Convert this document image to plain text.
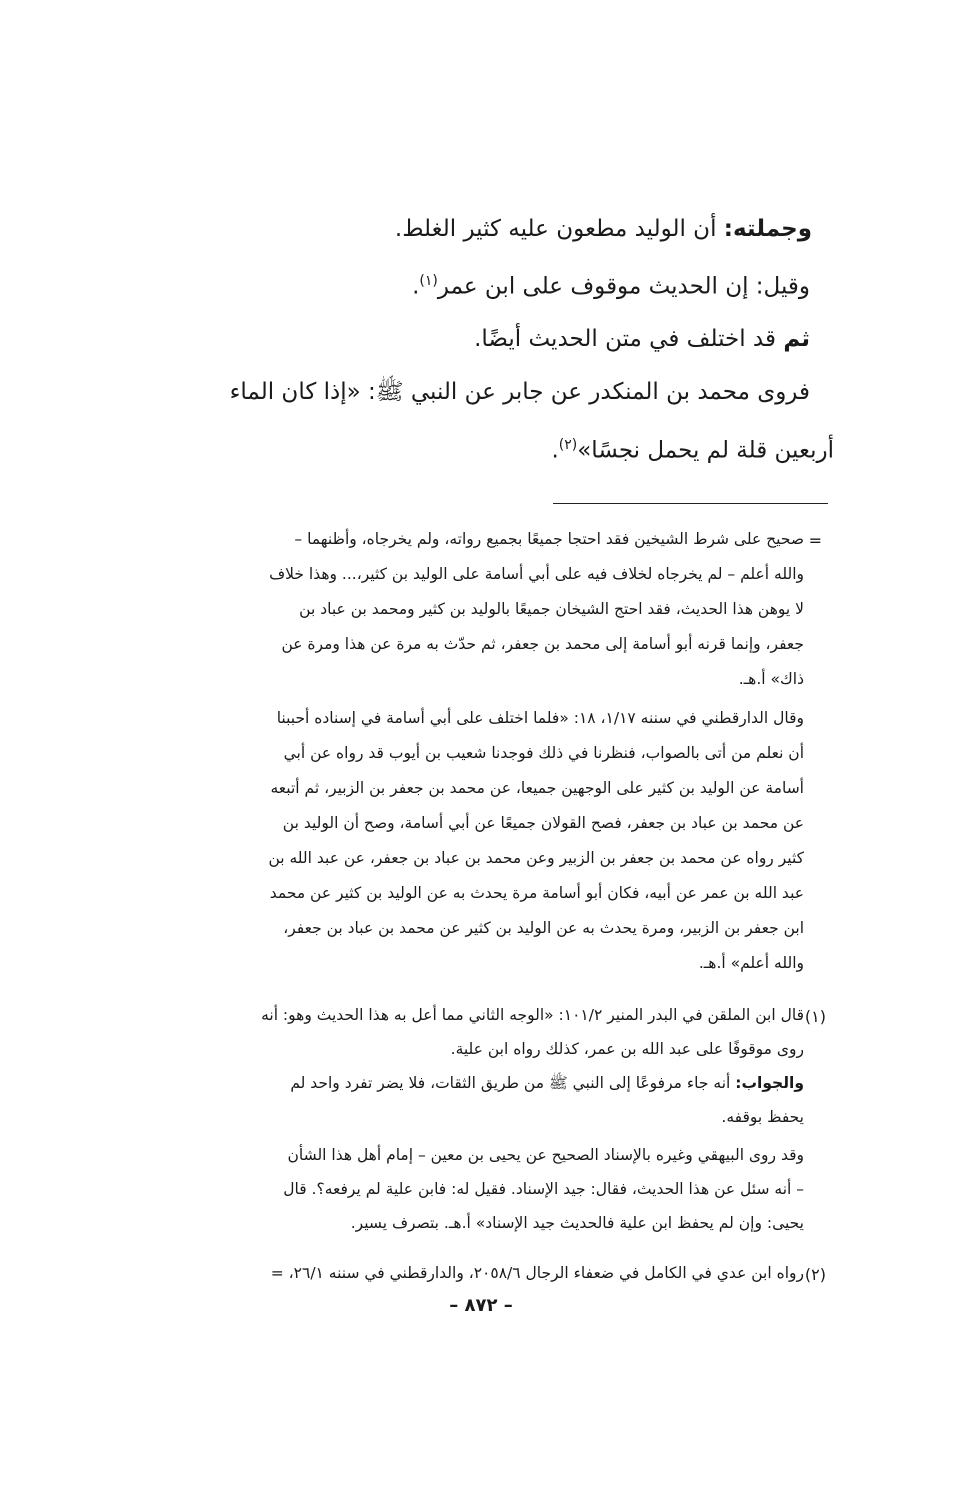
وجملته: أن الوليد مطعون عليه كثير الغلط.
وقيل: إن الحديث موقوف على ابن عمر$^{(١)}$.
ثم قد اختلف في متن الحديث أيضًا.
فروى محمد بن المنكدر عن جابر عن النبي ﷺ: «إذا كان الماء
أربعين قلة لم يحمل نجسًا»$^{(٢)}$.
=
صحيح على شرط الشيخين فقد احتجا جميعًا بجميع رواته، ولم يخرجاه، وأظنهما –
والله أعلم – لم يخرجاه لخلاف فيه على أبي أسامة على الوليد بن كثير،... وهذا خلاف
لا يوهن هذا الحديث، فقد احتج الشيخان جميعًا بالوليد بن كثير ومحمد بن عباد بن
جعفر، وإنما قرنه أبو أسامة إلى محمد بن جعفر، ثم حدّث به مرة عن هذا ومرة عن
ذاك» أ.هـ.
وقال الدارقطني في سننه ١/١٧، ١٨: «فلما اختلف على أبي أسامة في إسناده أحببنا
أن نعلم من أتى بالصواب، فنظرنا في ذلك فوجدنا شعيب بن أيوب قد رواه عن أبي
أسامة عن الوليد بن كثير على الوجهين جميعا، عن محمد بن جعفر بن الزبير، ثم أتبعه
عن محمد بن عباد بن جعفر، فصح القولان جميعًا عن أبي أسامة، وصح أن الوليد بن
كثير رواه عن محمد بن جعفر بن الزبير وعن محمد بن عباد بن جعفر، عن عبد الله بن
عبد الله بن عمر عن أبيه، فكان أبو أسامة مرة يحدث به عن الوليد بن كثير عن محمد
ابن جعفر بن الزبير، ومرة يحدث به عن الوليد بن كثير عن محمد بن عباد بن جعفر،
والله أعلم» أ.هـ.
(١)
قال ابن الملقن في البدر المنير ١٠١/٢: «الوجه الثاني مما أعل به هذا الحديث وهو: أنه
روى موقوفًا على عبد الله بن عمر، كذلك رواه ابن علية.
والجواب: أنه جاء مرفوعًا إلى النبي ﷺ من طريق الثقات، فلا يضر تفرد واحد لم
يحفظ بوقفه.
وقد روى البيهقي وغيره بالإسناد الصحيح عن يحيى بن معين – إمام أهل هذا الشأن
– أنه سئل عن هذا الحديث، فقال: جيد الإسناد. فقيل له: فابن علية لم يرفعه؟. قال
يحيى: وإن لم يحفظ ابن علية فالحديث جيد الإسناد» أ.هـ. بتصرف يسير.
(٢)
رواه ابن عدي في الكامل في ضعفاء الرجال ٢٠٥٨/٦، والدارقطني في سننه ٢٦/١، =
– ٨٧٢ –
